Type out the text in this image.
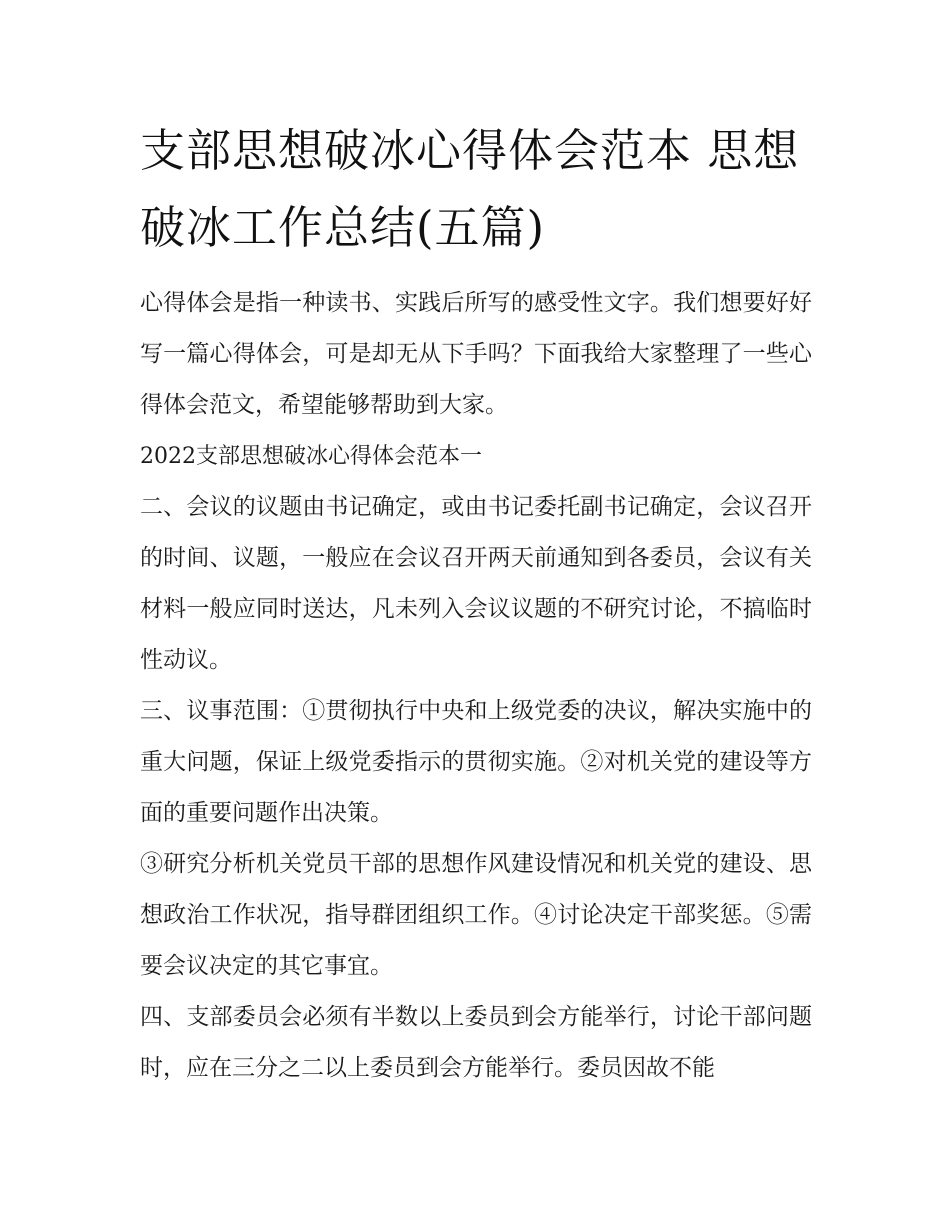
支部思想破冰心得体会范本 思想破冰工作总结(五篇)

心得体会是指一种读书、实践后所写的感受性文字。我们想要好好写一篇心得体会，可是却无从下手吗？下面我给大家整理了一些心得体会范文，希望能够帮助到大家。

2022支部思想破冰心得体会范本一

二、会议的议题由书记确定，或由书记委托副书记确定，会议召开的时间、议题，一般应在会议召开两天前通知到各委员，会议有关材料一般应同时送达，凡未列入会议议题的不研究讨论，不搞临时性动议。

三、议事范围：①贯彻执行中央和上级党委的决议，解决实施中的重大问题，保证上级党委指示的贯彻实施。②对机关党的建设等方面的重要问题作出决策。

③研究分析机关党员干部的思想作风建设情况和机关党的建设、思想政治工作状况，指导群团组织工作。④讨论决定干部奖惩。⑤需要会议决定的其它事宜。

四、支部委员会必须有半数以上委员到会方能举行，讨论干部问题时，应在三分之二以上委员到会方能举行。委员因故不能
